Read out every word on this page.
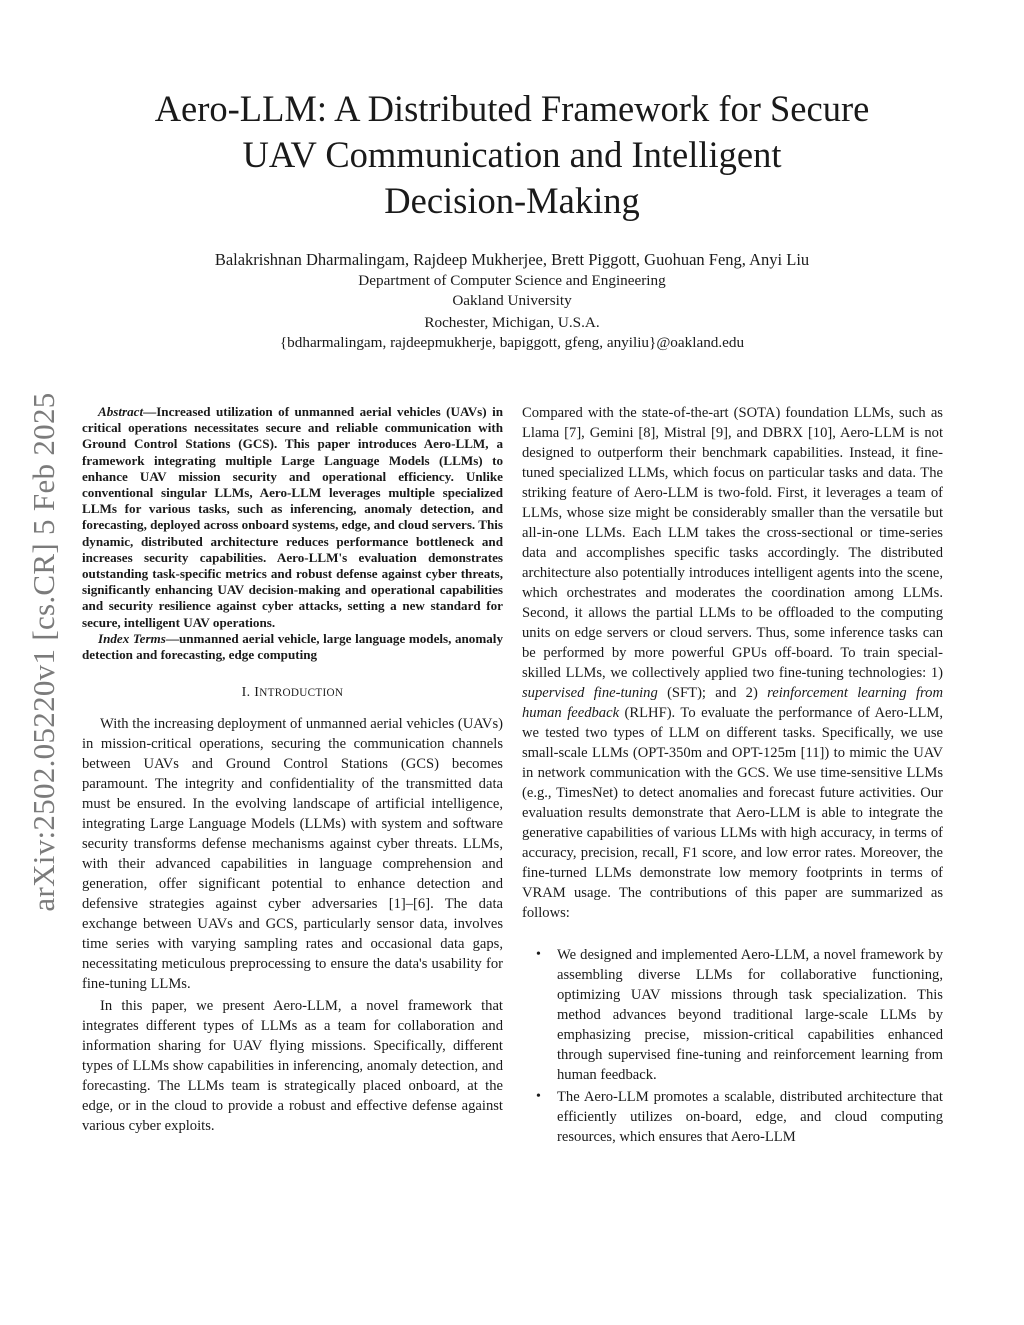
Aero-LLM: A Distributed Framework for Secure
UAV Communication and Intelligent
Decision-Making
Balakrishnan Dharmalingam, Rajdeep Mukherjee, Brett Piggott, Guohuan Feng, Anyi Liu
Department of Computer Science and Engineering
Oakland University
Rochester, Michigan, U.S.A.
{bdharmalingam, rajdeepmukherje, bapiggott, gfeng, anyiliu}@oakland.edu
arXiv:2502.05220v1 [cs.CR] 5 Feb 2025	Abstract—Increased utilization of unmanned aerial vehicles (UAVs) in critical operations necessitates secure and reliable communication with Ground Control Stations (GCS). This paper introduces Aero-LLM, a framework integrating multiple Large Language Models (LLMs) to enhance UAV mission security and operational efficiency. Unlike conventional singular LLMs, Aero-LLM leverages multiple specialized LLMs for various tasks, such as inferencing, anomaly detection, and forecasting, deployed across onboard systems, edge, and cloud servers. This dynamic, distributed architecture reduces performance bottleneck and increases security capabilities. Aero-LLM's evaluation demonstrates outstanding task-specific metrics and robust defense against cyber threats, significantly enhancing UAV decision-making and operational capabilities and security resilience against cyber attacks, setting a new standard for secure, intelligent UAV operations.

Index Terms—unmanned aerial vehicle, large language models, anomaly detection and forecasting, edge computing

I. INTRODUCTION

With the increasing deployment of unmanned aerial vehicles (UAVs) in mission-critical operations, securing the communication channels between UAVs and Ground Control Stations (GCS) becomes paramount. The integrity and confidentiality of the transmitted data must be ensured. In the evolving landscape of artificial intelligence, integrating Large Language Models (LLMs) with system and software security transforms defense mechanisms against cyber threats. LLMs, with their advanced capabilities in language comprehension and generation, offer significant potential to enhance detection and defensive strategies against cyber adversaries [1]–[6]. The data exchange between UAVs and GCS, particularly sensor data, involves time series with varying sampling rates and occasional data gaps, necessitating meticulous preprocessing to ensure the data's usability for fine-tuning LLMs.

In this paper, we present Aero-LLM, a novel framework that integrates different types of LLMs as a team for collaboration and information sharing for UAV flying missions. Specifically, different types of LLMs show capabilities in inferencing, anomaly detection, and forecasting. The LLMs team is strategically placed onboard, at the edge, or in the cloud to provide a robust and effective defense against various cyber exploits.

Compared with the state-of-the-art (SOTA) foundation LLMs, such as Llama [7], Gemini [8], Mistral [9], and DBRX [10], Aero-LLM is not designed to outperform their benchmark capabilities. Instead, it fine-tuned specialized LLMs, which focus on particular tasks and data. The striking feature of Aero-LLM is two-fold. First, it leverages a team of LLMs, whose size might be considerably smaller than the versatile but all-in-one LLMs. Each LLM takes the cross-sectional or time-series data and accomplishes specific tasks accordingly. The distributed architecture also potentially introduces intelligent agents into the scene, which orchestrates and moderates the coordination among LLMs. Second, it allows the partial LLMs to be offloaded to the computing units on edge servers or cloud servers. Thus, some inference tasks can be performed by more powerful GPUs off-board. To train special-skilled LLMs, we collectively applied two fine-tuning technologies: 1) supervised fine-tuning (SFT); and 2) reinforcement learning from human feedback (RLHF). To evaluate the performance of Aero-LLM, we tested two types of LLM on different tasks. Specifically, we use small-scale LLMs (OPT-350m and OPT-125m [11]) to mimic the UAV in network communication with the GCS. We use time-sensitive LLMs (e.g., TimesNet) to detect anomalies and forecast future activities. Our evaluation results demonstrate that Aero-LLM is able to integrate the generative capabilities of various LLMs with high accuracy, in terms of accuracy, precision, recall, F1 score, and low error rates. Moreover, the fine-turned LLMs demonstrate low memory footprints in terms of VRAM usage. The contributions of this paper are summarized as follows:

• We designed and implemented Aero-LLM, a novel framework by assembling diverse LLMs for collaborative functioning, optimizing UAV missions through task specialization. This method advances beyond traditional large-scale LLMs by emphasizing precise, mission-critical capabilities enhanced through supervised fine-tuning and reinforcement learning from human feedback.
• The Aero-LLM promotes a scalable, distributed architecture that efficiently utilizes on-board, edge, and cloud computing resources, which ensures that Aero-LLM
